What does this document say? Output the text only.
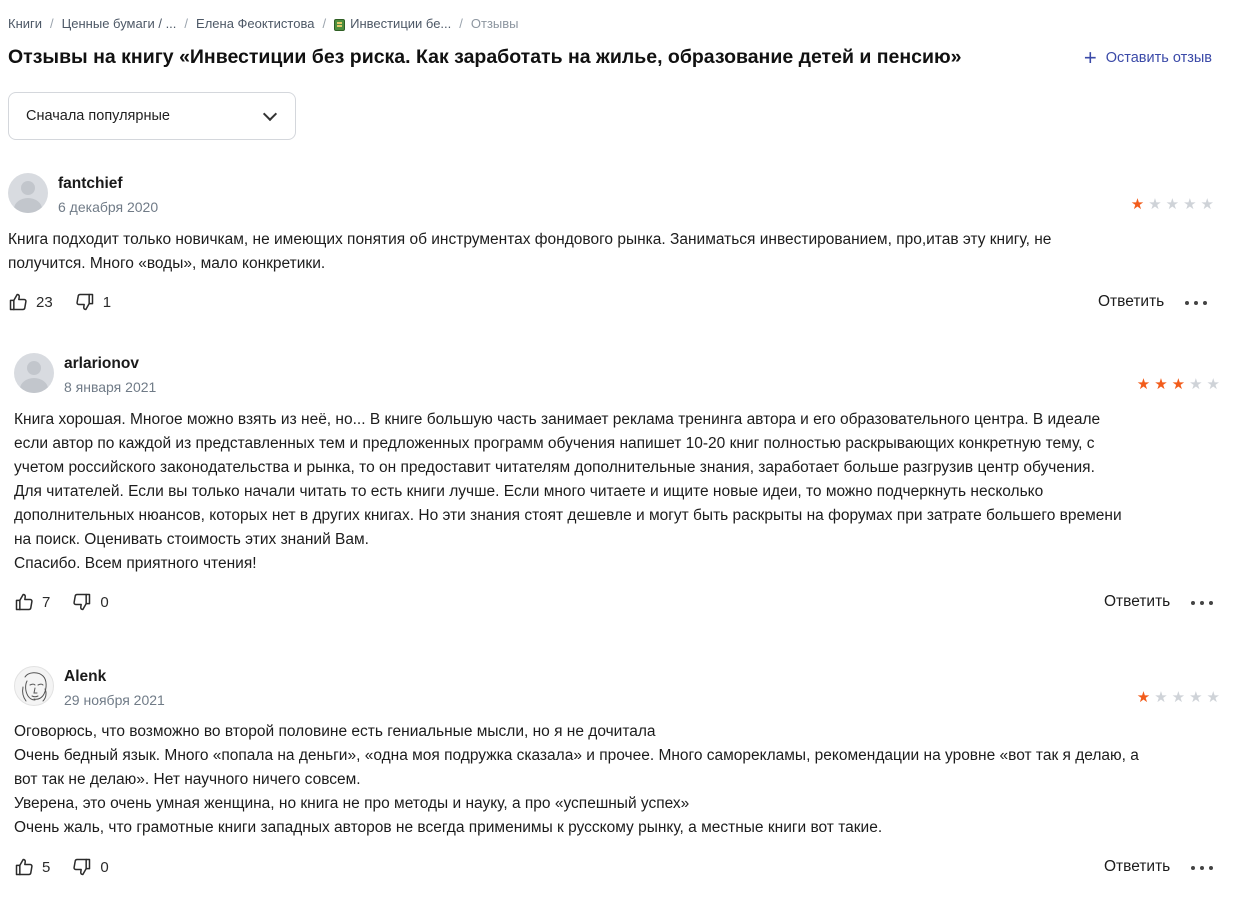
Книги / Ценные бумаги / ... / Елена Феоктистова / Инвестиции бе... / Отзывы
Отзывы на книгу «Инвестиции без риска. Как заработать на жилье, образование детей и пенсию»	+ Оставить отзыв
Сначала популярные
fantchief
6 декабря 2020	★ ★ ★ ★ ★

Книга подходит только новичкам, не имеющих понятия об инструментах фондового рынка. Заниматься инвестированием, про,итав эту книгу, не

получится. Много «воды», мало конкретики.

23	1	Ответить
arlarionov
8 января 2021	★ ★ ★ ★ ★

Книга хорошая. Многое можно взять из неё, но... В книге большую часть занимает реклама тренинга автора и его образовательного центра. В идеале

если автор по каждой из представленных тем и предложенных программ обучения напишет 10-20 книг полностью раскрывающих конкретную тему, с

учетом российского законодательства и рынка, то он предоставит читателям дополнительные знания, заработает больше разгрузив центр обучения.

Для читателей. Если вы только начали читать то есть книги лучше. Если много читаете и ищите новые идеи, то можно подчеркнуть несколько

дополнительных нюансов, которых нет в других книгах. Но эти знания стоят дешевле и могут быть раскрыты на форумах при затрате большего времени

на поиск. Оценивать стоимость этих знаний Вам.

Спасибо. Всем приятного чтения!

7	0	Ответить
Alenk
29 ноября 2021	★ ★ ★ ★ ★

Оговорюсь, что возможно во второй половине есть гениальные мысли, но я не дочитала

Очень бедный язык. Много «попала на деньги», «одна моя подружка сказала» и прочее. Много саморекламы, рекомендации на уровне «вот так я делаю, а

вот так не делаю». Нет научного ничего совсем.

Уверена, это очень умная женщина, но книга не про методы и науку, а про «успешный успех»

Очень жаль, что грамотные книги западных авторов не всегда применимы к русскому рынку, а местные книги вот такие.

5	0	Ответить
